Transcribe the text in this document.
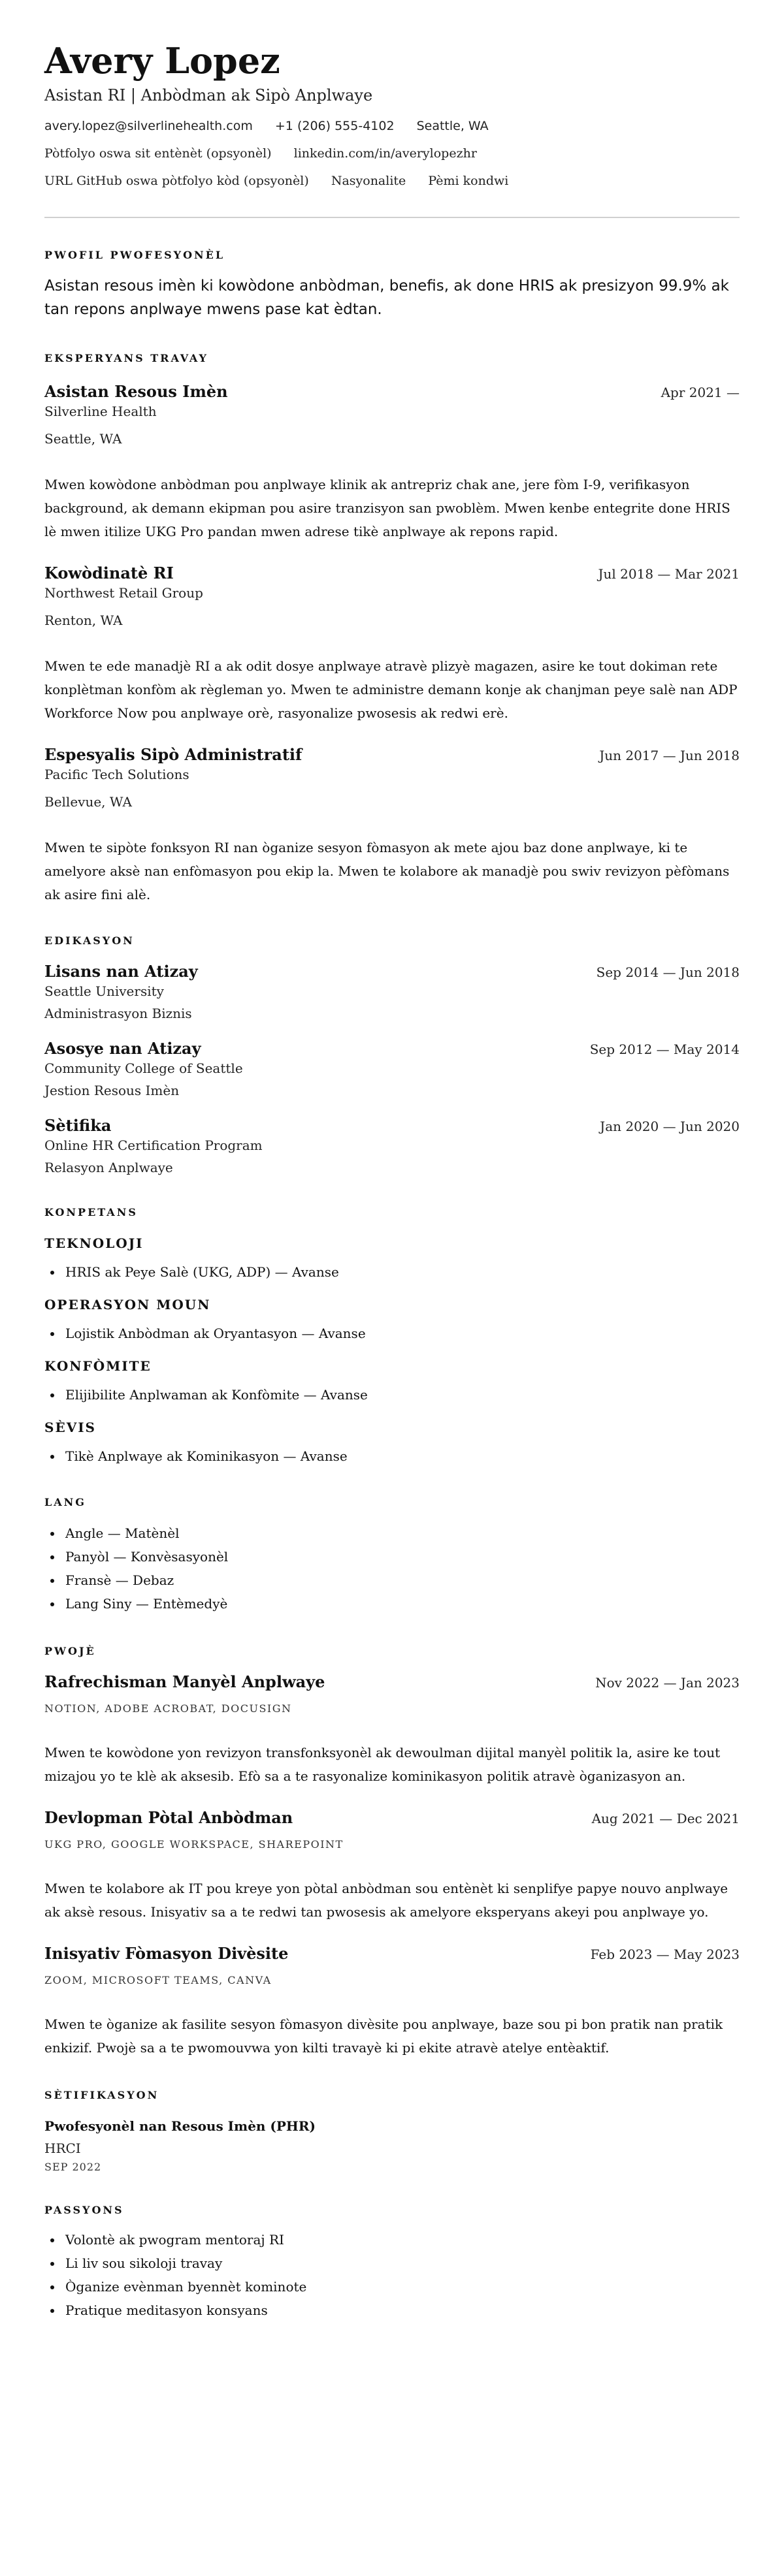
Avery Lopez
Asistan RI | Anbòdman ak Sipò Anplwaye
avery.lopez@silverlinehealth.com +1 (206) 555-4102 Seattle, WA
Pòtfolyo oswa sit entènèt (opsyonèl) linkedin.com/in/averylopezhr
URL GitHub oswa pòtfolyo kòd (opsyonèl) Nasyonalite Pèmi kondwi
PWOFIL PWOFESYONÈL
Asistan resous imèn ki kowòdone anbòdman, benefis, ak done HRIS ak presizyon 99.9% ak tan repons anplwaye mwens pase kat èdtan.
EKSPERYANS TRAVAY
Asistan Resous Imèn	Apr 2021 —
Silverline Health
Seattle, WA
Mwen kowòdone anbòdman pou anplwaye klinik ak antrepriz chak ane, jere fòm I-9, verifikasyon background, ak demann ekipman pou asire tranzisyon san pwoblèm. Mwen kenbe entegrite done HRIS lè mwen itilize UKG Pro pandan mwen adrese tikè anplwaye ak repons rapid.
Kowòdinatè RI	Jul 2018 — Mar 2021
Northwest Retail Group
Renton, WA
Mwen te ede manadjè RI a ak odit dosye anplwaye atravè plizyè magazen, asire ke tout dokiman rete konplètman konfòm ak règleman yo. Mwen te administre demann konje ak chanjman peye salè nan ADP Workforce Now pou anplwaye orè, rasyonalize pwosesis ak redwi erè.
Espesyalis Sipò Administratif	Jun 2017 — Jun 2018
Pacific Tech Solutions
Bellevue, WA
Mwen te sipòte fonksyon RI nan òganize sesyon fòmasyon ak mete ajou baz done anplwaye, ki te amelyore aksè nan enfòmasyon pou ekip la. Mwen te kolabore ak manadjè pou swiv revizyon pèfòmans ak asire fini alè.
EDIKASYON
Lisans nan Atizay	Sep 2014 — Jun 2018
Seattle University
Administrasyon Biznis
Asosye nan Atizay	Sep 2012 — May 2014
Community College of Seattle
Jestion Resous Imèn
Sètifika	Jan 2020 — Jun 2020
Online HR Certification Program
Relasyon Anplwaye
KONPETANS
TEKNOLOJI
• HRIS ak Peye Salè (UKG, ADP) — Avanse
OPERASYON MOUN
• Lojistik Anbòdman ak Oryantasyon — Avanse
KONFÒMITE
• Elijibilite Anplwaman ak Konfòmite — Avanse
SÈVIS
• Tikè Anplwaye ak Kominikasyon — Avanse
LANG
• Angle — Matènèl
• Panyòl — Konvèsasyonèl
• Fransè — Debaz
• Lang Siny — Entèmedyè
PWOJÈ
Rafrechisman Manyèl Anplwaye	Nov 2022 — Jan 2023
NOTION, ADOBE ACROBAT, DOCUSIGN
Mwen te kowòdone yon revizyon transfonksyonèl ak dewoulman dijital manyèl politik la, asire ke tout mizajou yo te klè ak aksesib. Efò sa a te rasyonalize kominikasyon politik atravè òganizasyon an.
Devlopman Pòtal Anbòdman	Aug 2021 — Dec 2021
UKG PRO, GOOGLE WORKSPACE, SHAREPOINT
Mwen te kolabore ak IT pou kreye yon pòtal anbòdman sou entènèt ki senplifye papye nouvo anplwaye ak aksè resous. Inisyativ sa a te redwi tan pwosesis ak amelyore eksperyans akeyi pou anplwaye yo.
Inisyativ Fòmasyon Divèsite	Feb 2023 — May 2023
ZOOM, MICROSOFT TEAMS, CANVA
Mwen te òganize ak fasilite sesyon fòmasyon divèsite pou anplwaye, baze sou pi bon pratik nan pratik enkizif. Pwojè sa a te pwomouvwa yon kilti travayè ki pi ekite atravè atelye entèaktif.
SÈTIFIKASYON
Pwofesyonèl nan Resous Imèn (PHR)
HRCI
SEP 2022
PASSYONS
• Volontè ak pwogram mentoraj RI
• Li liv sou sikoloji travay
• Òganize evènman byennèt kominote
• Pratique meditasyon konsyans
